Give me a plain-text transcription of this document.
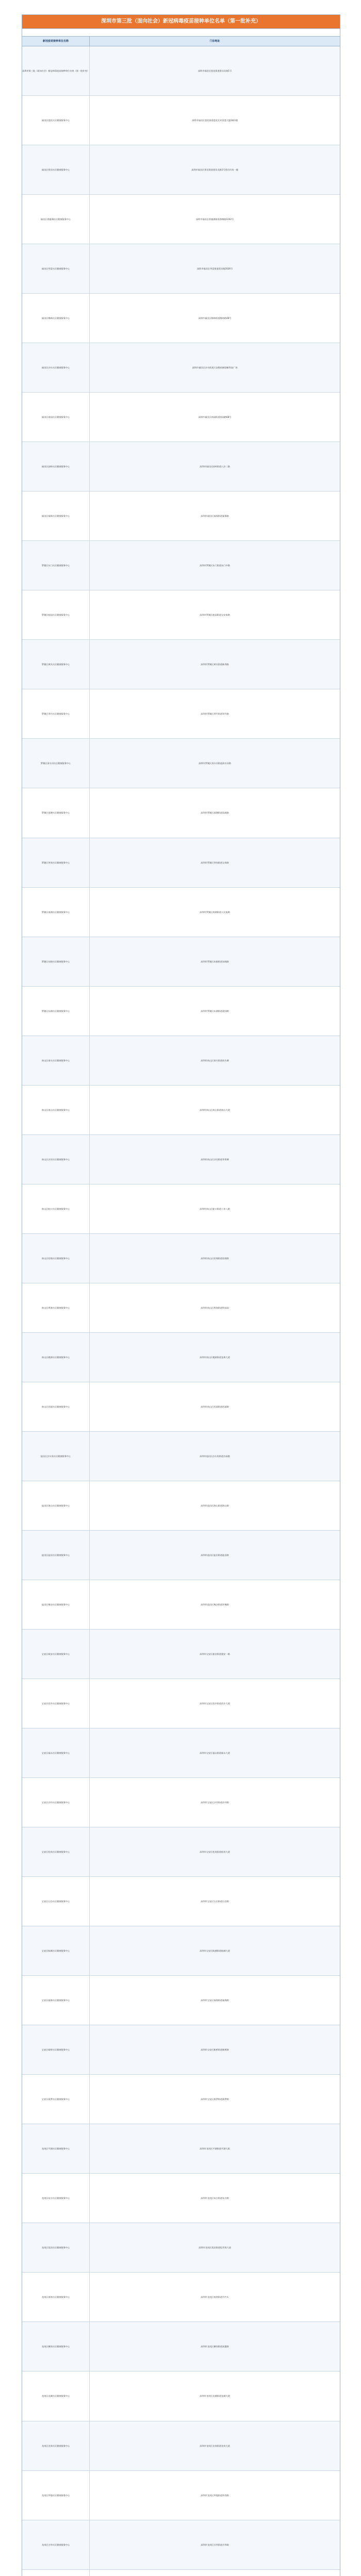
深圳市第三批（面向社会）新冠病毒疫苗接种单位名单（第一批补充）
新冠疫苗接种单位名称	门诊地址
深圳市第三批（面向社会）新冠病毒疫苗接种单位名单（第一批补充）	深圳市福田区莲花街道景田北路1号
福田区莲花社区健康服务中心	深圳市福田区莲花街道莲花北村富莲大厦2栋1楼
福田区景田社区健康服务中心	深圳市福田区景田街道景田北路1号景田市场一楼
福田区香蜜湖社区健康服务中心	深圳市福田区香蜜湖街道香梅路1042号
福田区华富社区健康服务中心	深圳市福田区华富街道彩田路2026号
福田区梅林社区健康服务中心	深圳市福田区梅林街道梅林路48号
福田区沙头社区健康服务中心	深圳市福田区沙头街道天安数码城创新科技广场
福田区南园社区健康服务中心	深圳市福田区南园街道南园路68号
福田区园岭社区健康服务中心	深圳市福田区园岭街道八卦二路
福田区福保社区健康服务中心	深圳市福田区福保街道福保路
罗湖区东门社区健康服务中心	深圳市罗湖区东门街道东门中路
罗湖区桂园社区健康服务中心	深圳市罗湖区桂园街道宝安南路
罗湖区黄贝社区健康服务中心	深圳市罗湖区黄贝街道新秀路
罗湖区翠竹社区健康服务中心	深圳市罗湖区翠竹街道翠竹路
罗湖区清水河社区健康服务中心	深圳市罗湖区清水河街道清水河路
罗湖区莲塘社区健康服务中心	深圳市罗湖区莲塘街道国威路
罗湖区笋岗社区健康服务中心	深圳市罗湖区笋岗街道宝岗路
罗湖区南湖社区健康服务中心	深圳市罗湖区南湖街道人民南路
罗湖区东晓社区健康服务中心	深圳市罗湖区东晓街道东晓路
罗湖区东湖社区健康服务中心	深圳市罗湖区东湖街道爱国路
南山区南头社区健康服务中心	深圳市南山区南头街道南头城
南山区南山社区健康服务中心	深圳市南山区南山街道南山大道
南山区沙河社区健康服务中心	深圳市南山区沙河街道华侨城
南山区蛇口社区健康服务中心	深圳市南山区蛇口街道工业八路
南山区招商社区健康服务中心	深圳市南山区招商街道招商路
南山区粤海社区健康服务中心	深圳市南山区粤海街道科技园
南山区桃源社区健康服务中心	深圳市南山区桃源街道龙珠大道
南山区西丽社区健康服务中心	深圳市南山区西丽街道西丽路
盐田区沙头角社区健康服务中心	深圳市盐田区沙头角街道沙深路
盐田区海山社区健康服务中心	深圳市盐田区海山街道海山路
盐田区盐田社区健康服务中心	深圳市盐田区盐田街道盐田路
盐田区梅沙社区健康服务中心	深圳市盐田区梅沙街道环梅路
宝安区新安社区健康服务中心	深圳市宝安区新安街道建安一路
宝安区西乡社区健康服务中心	深圳市宝安区西乡街道西乡大道
宝安区福永社区健康服务中心	深圳市宝安区福永街道福永大道
宝安区沙井社区健康服务中心	深圳市宝安区沙井街道沙井路
宝安区松岗社区健康服务中心	深圳市宝安区松岗街道松岗大道
宝安区石岩社区健康服务中心	深圳市宝安区石岩街道石岩路
宝安区航城社区健康服务中心	深圳市宝安区航城街道航城大道
宝安区福海社区健康服务中心	深圳市宝安区福海街道福海路
宝安区新桥社区健康服务中心	深圳市宝安区新桥街道新桥路
宝安区燕罗社区健康服务中心	深圳市宝安区燕罗街道燕罗路
龙岗区平湖社区健康服务中心	深圳市龙岗区平湖街道平湖大街
龙岗区布吉社区健康服务中心	深圳市龙岗区布吉街道布吉路
龙岗区坂田社区健康服务中心	深圳市龙岗区坂田街道坂雪岗大道
龙岗区南湾社区健康服务中心	深圳市龙岗区南湾街道丹竹头
龙岗区横岗社区健康服务中心	深圳市龙岗区横岗街道深惠路
龙岗区龙城社区健康服务中心	深圳市龙岗区龙城街道龙城大道
龙岗区龙岗社区健康服务中心	深圳市龙岗区龙岗街道龙岗大道
龙岗区坪地社区健康服务中心	深圳市龙岗区坪地街道坪西路
龙岗区吉华社区健康服务中心	深圳市龙岗区吉华街道吉华路
